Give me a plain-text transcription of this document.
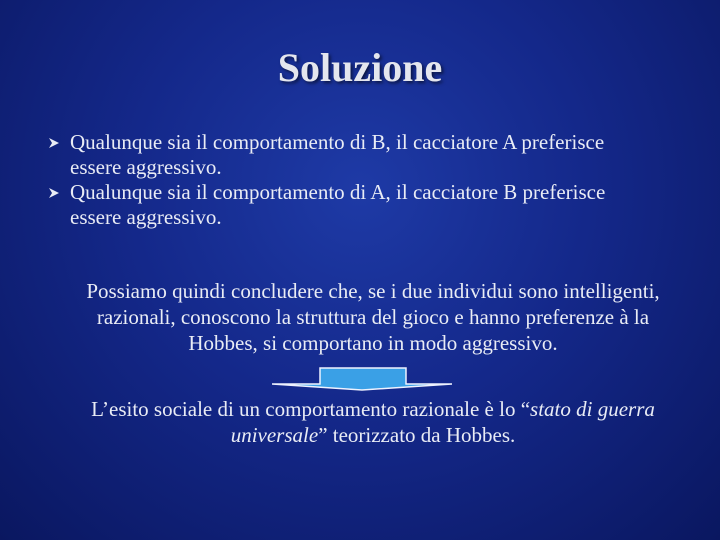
Soluzione
Qualunque sia il comportamento di B, il cacciatore A preferisce essere aggressivo.
Qualunque sia il comportamento di A, il cacciatore B preferisce essere aggressivo.
Possiamo quindi concludere che, se i due individui sono intelligenti, razionali, conoscono la struttura del gioco e hanno preferenze à la Hobbes, si comportano in modo aggressivo.
L’esito sociale di un comportamento razionale è lo “stato di guerra universale” teorizzato da Hobbes.
